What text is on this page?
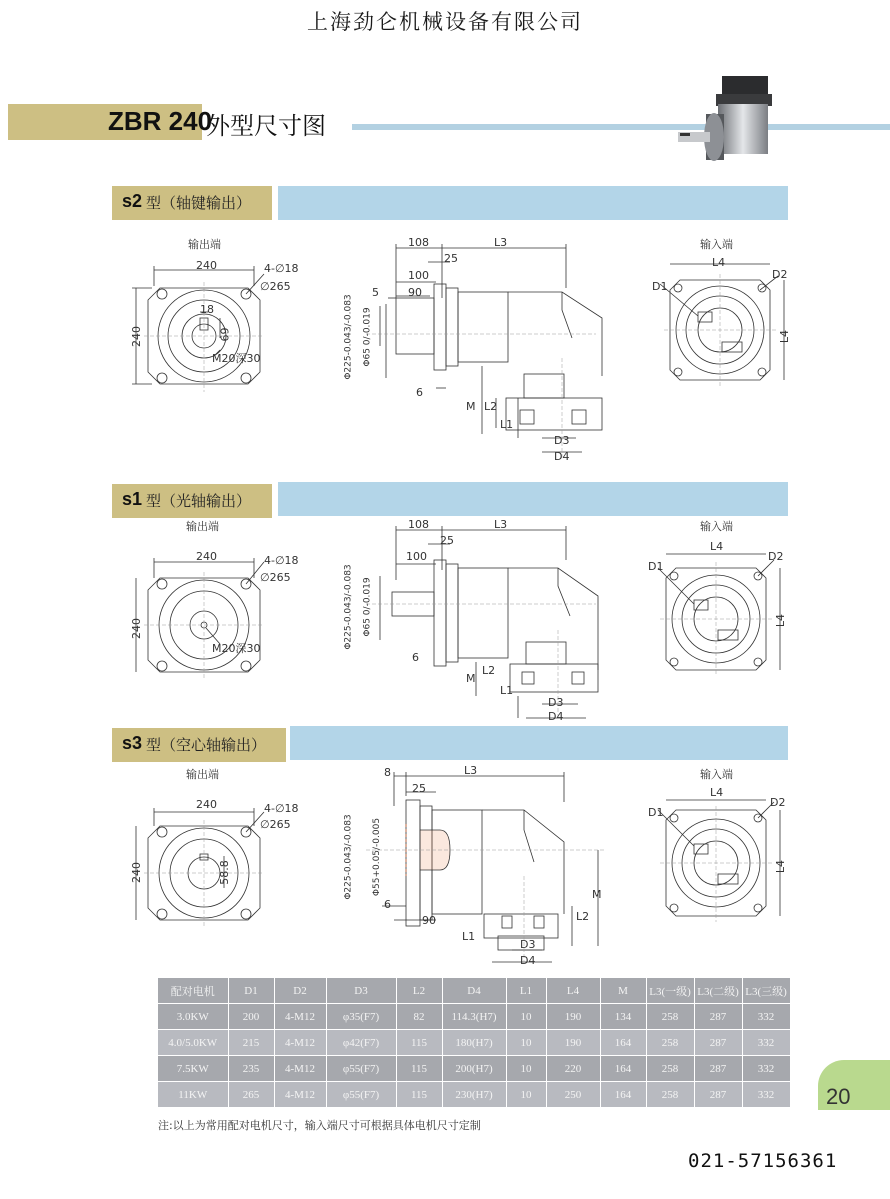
上海劲仑机械设备有限公司
ZBR 240
外型尺寸图
s2 型（轴键输出）
输出端	输入端
240
240
4-∅18
∅265
18
69
M20深30
108	L3
25
100
90
5
6
Φ225-0.043/-0.083 Φ65 0/-0.019
M L2
L1
D3
D4
L4
D1
D2
L4
s1 型（光轴输出）
输出端	输入端
240
240
4-∅18
∅265
M20深30
108	L3
25
100
6
Φ225-0.043/-0.083 Φ65 0/-0.019
M
L2
L1
D3
D4
L4
D1
D2
L4
s3 型（空心轴输出）
输出端	输入端
240
240
4-∅18
∅265
58.8
8	L3
25
90
6
Φ225-0.043/-0.083 Φ55+0.05/-0.005	M
L2
L1
D3
D4
L4
D1
D2
L4
配对电机	D1	D2	D3	L2	D4	L1	L4	M	L3(一级)	L3(二级)	L3(三级)
3.0KW	200	4-M12	φ35(F7)	82	114.3(H7)	10	190	134	258	287	332
4.0/5.0KW	215	4-M12	φ42(F7)	115	180(H7)	10	190	164	258	287	332
7.5KW	235	4-M12	φ55(F7)	115	200(H7)	10	220	164	258	287	332
11KW	265	4-M12	φ55(F7)	115	230(H7)	10	250	164	258	287	332
注:以上为常用配对电机尺寸，输入端尺寸可根据具体电机尺寸定制
20
021-57156361
